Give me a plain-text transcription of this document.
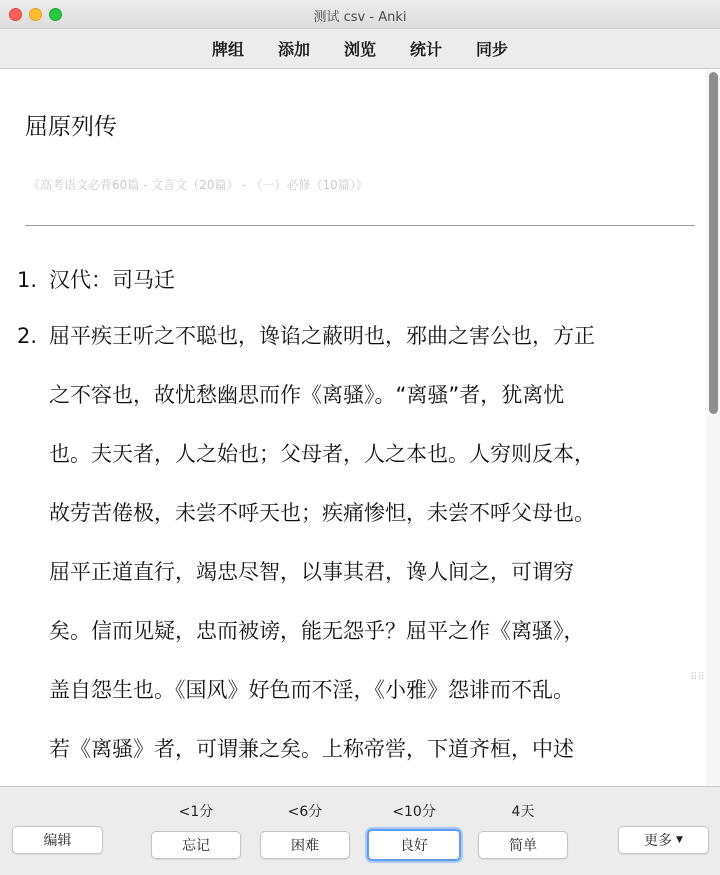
测试 csv - Anki
牌组 添加 浏览 统计 同步
屈原列传
《高考语文必背60篇 - 文言文（20篇） - （一）必修（10篇）》
1. 汉代：司马迁
2. 屈平疾王听之不聪也，谗谄之蔽明也，邪曲之害公也，方正
之不容也，故忧愁幽思而作《离骚》。“离骚”者，犹离忧
也。夫天者，人之始也；父母者，人之本也。人穷则反本，
故劳苦倦极，未尝不呼天也；疾痛惨怛，未尝不呼父母也。
屈平正道直行，竭忠尽智，以事其君，谗人间之，可谓穷
矣。信而见疑，忠而被谤，能无怨乎？屈平之作《离骚》，
盖自怨生也。《国风》好色而不淫，《小雅》怨诽而不乱。
若《离骚》者，可谓兼之矣。上称帝喾，下道齐桓，中述
⠿⠿
编辑
<1分	<6分	<10分	4天
忘记	困难	良好	简单	更多 ▼
